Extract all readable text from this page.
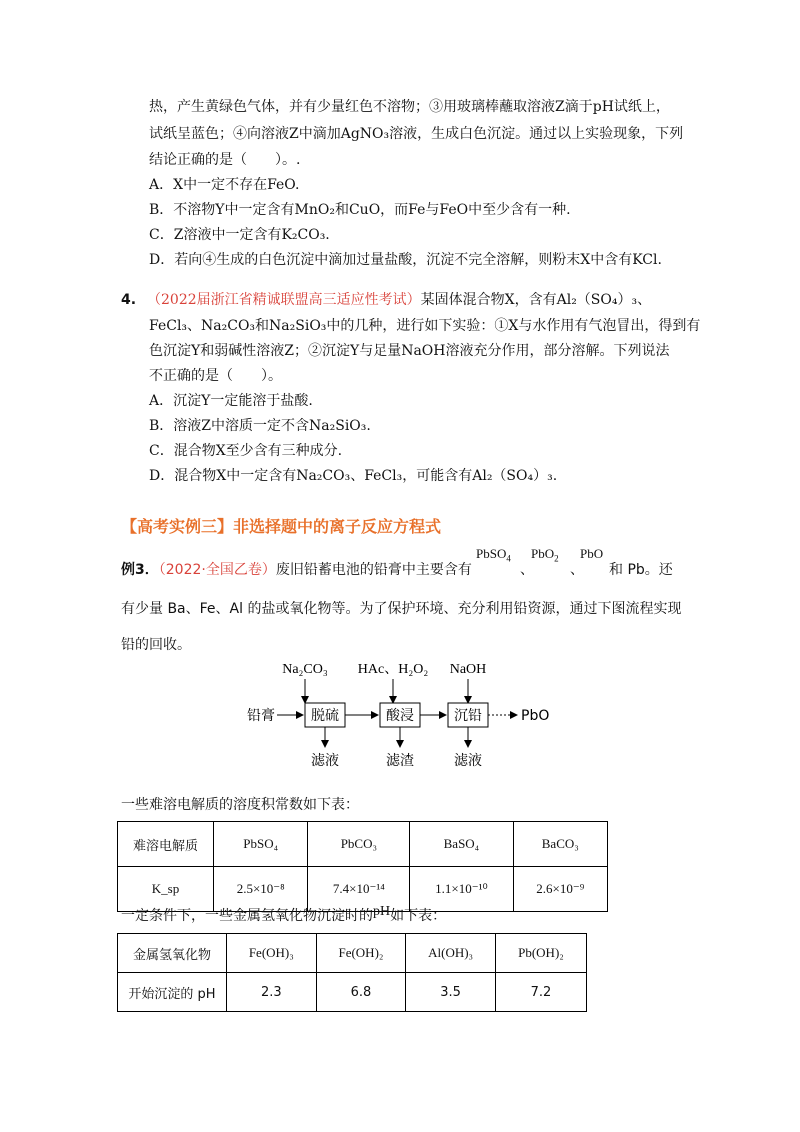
热，产生黄绿色气体，并有少量红色不溶物；③用玻璃棒蘸取溶液Z滴于pH试纸上，
试纸呈蓝色；④向溶液Z中滴加AgNO₃溶液，生成白色沉淀。通过以上实验现象，下列
结论正确的是（　　）。.
A．X中一定不存在FeO.
B．不溶物Y中一定含有MnO₂和CuO，而Fe与FeO中至少含有一种.
C．Z溶液中一定含有K₂CO₃.
D．若向④生成的白色沉淀中滴加过量盐酸，沉淀不完全溶解，则粉末X中含有KCl.
4. （2022届浙江省精诚联盟高三适应性考试）某固体混合物X，含有Al₂（SO₄）₃、
FeCl₃、Na₂CO₃和Na₂SiO₃中的几种，进行如下实验：①X与水作用有气泡冒出，得到有
色沉淀Y和弱碱性溶液Z；②沉淀Y与足量NaOH溶液充分作用，部分溶解。下列说法
不正确的是（　　）。
A．沉淀Y一定能溶于盐酸.
B．溶液Z中溶质一定不含Na₂SiO₃.
C．混合物X至少含有三种成分.
D．混合物X中一定含有Na₂CO₃、FeCl₃，可能含有Al₂（SO₄）₃.
【高考实例三】非选择题中的离子反应方程式
例3．（2022·全国乙卷）废旧铅蓄电池的铅膏中主要含有
PbSO$_4$
、
PbO$_2$
、
PbO
和 Pb。还
有少量 Ba、Fe、Al 的盐或氧化物等。为了保护环境、充分利用铅资源，通过下图流程实现
铅的回收。
Na₂CO₃ HAc、H₂O₂ NaOH
铅膏	脱硫	酸浸	沉铅	PbO
滤液	滤渣	滤液
一些难溶电解质的溶度积常数如下表：
难溶电解质	PbSO₄	PbCO₃	BaSO₄	BaCO₃
K_sp	2.5×10⁻⁸	7.4×10⁻¹⁴	1.1×10⁻¹⁰	2.6×10⁻⁹
一定条件下，一些金属氢氧化物沉淀时的pH如下表：
金属氢氧化物	Fe(OH)₃	Fe(OH)₂	Al(OH)₃	Pb(OH)₂
开始沉淀的 pH	2.3	6.8	3.5	7.2
